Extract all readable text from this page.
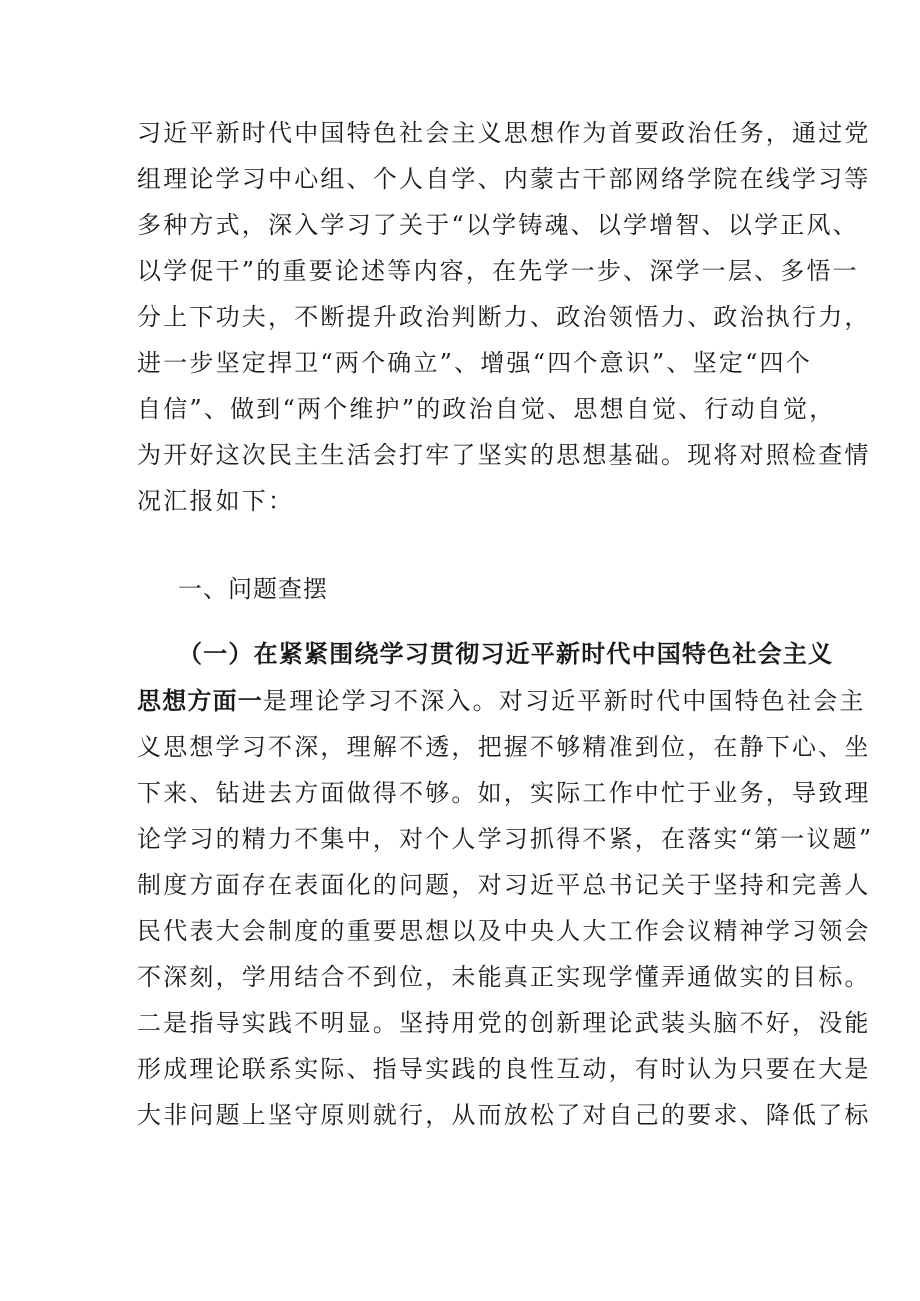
习近平新时代中国特色社会主义思想作为首要政治任务，通过党
组理论学习中心组、个人自学、内蒙古干部网络学院在线学习等
多种方式，深入学习了关于“以学铸魂、以学增智、以学正风、
以学促干”的重要论述等内容，在先学一步、深学一层、多悟一
分上下功夫，不断提升政治判断力、政治领悟力、政治执行力，
进一步坚定捍卫“两个确立”、增强“四个意识”、坚定“四个
自信”、做到“两个维护”的政治自觉、思想自觉、行动自觉，
为开好这次民主生活会打牢了坚实的思想基础。现将对照检查情
况汇报如下：
一、问题查摆
（一）在紧紧围绕学习贯彻习近平新时代中国特色社会主义
思想方面一是理论学习不深入。对习近平新时代中国特色社会主
义思想学习不深，理解不透，把握不够精准到位，在静下心、坐
下来、钻进去方面做得不够。如，实际工作中忙于业务，导致理
论学习的精力不集中，对个人学习抓得不紧，在落实“第一议题”
制度方面存在表面化的问题，对习近平总书记关于坚持和完善人
民代表大会制度的重要思想以及中央人大工作会议精神学习领会
不深刻，学用结合不到位，未能真正实现学懂弄通做实的目标。
二是指导实践不明显。坚持用党的创新理论武装头脑不好，没能
形成理论联系实际、指导实践的良性互动，有时认为只要在大是
大非问题上坚守原则就行，从而放松了对自己的要求、降低了标
